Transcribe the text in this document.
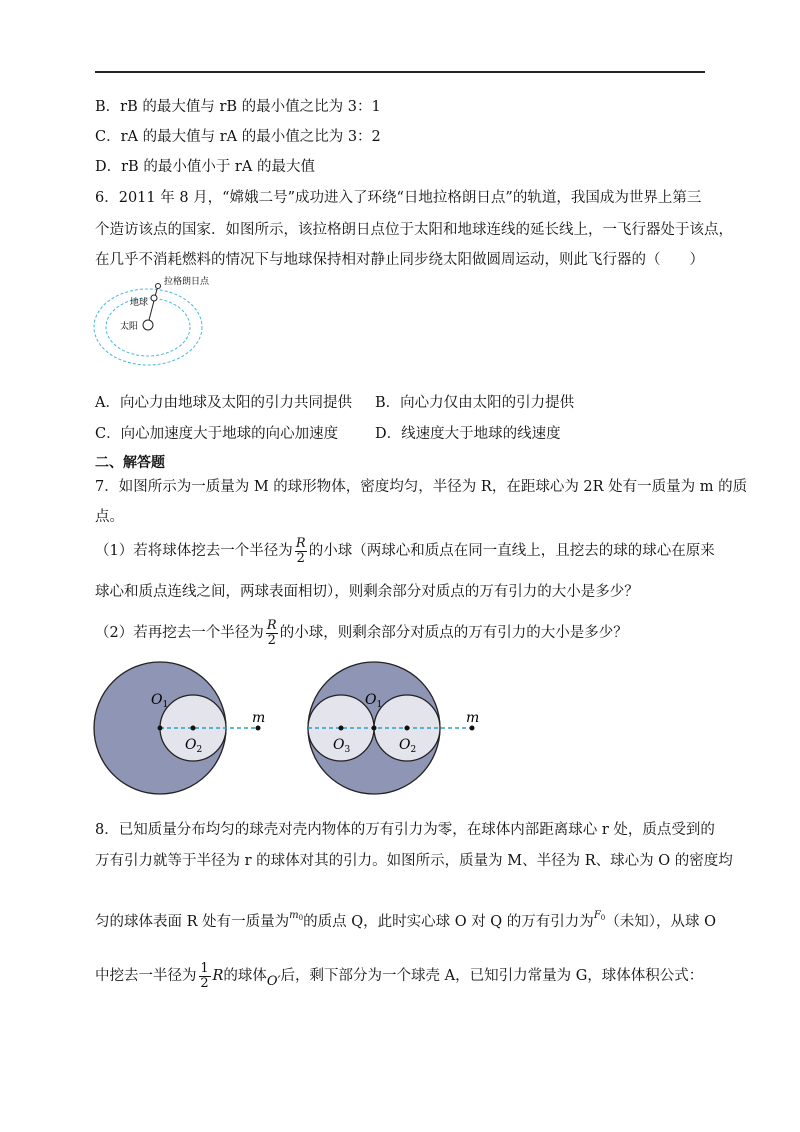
B．rB 的最大值与 rB 的最小值之比为 3：1
C．rA 的最大值与 rA 的最小值之比为 3：2
D．rB 的最小值小于 rA 的最大值
6．2011 年 8 月，“嫦娥二号”成功进入了环绕“日地拉格朗日点”的轨道，我国成为世界上第三
个造访该点的国家．如图所示，该拉格朗日点位于太阳和地球连线的延长线上，一飞行器处于该点，
在几乎不消耗燃料的情况下与地球保持相对静止同步绕太阳做圆周运动，则此飞行器的（　　）
拉格朗日点
地球
太阳
A．向心力由地球及太阳的引力共同提供 B．向心力仅由太阳的引力提供
C．向心加速度大于地球的向心加速度	D．线速度大于地球的线速度
二、解答题
7．如图所示为一质量为 M 的球形物体，密度均匀，半径为 R，在距球心为 2R 处有一质量为 m 的质
点。
（1）若将球体挖去一个半径为 $\frac{R}{2}$ 的小球（两球心和质点在同一直线上，且挖去的球的球心在原来
球心和质点连线之间，两球表面相切），则剩余部分对质点的万有引力的大小是多少？
（2）若再挖去一个半径为 $\frac{R}{2}$ 的小球，则剩余部分对质点的万有引力的大小是多少？
$O_1$
$O_2$
m
$O_1$
$O_3$	$O_2$
m
8．已知质量分布均匀的球壳对壳内物体的万有引力为零，在球体内部距离球心 r 处，质点受到的
万有引力就等于半径为 r 的球体对其的引力。如图所示，质量为 M、半径为 R、球心为 O 的密度均
匀的球体表面 R 处有一质量为$^{m_0}$的质点 Q，此时实心球 O 对 Q 的万有引力为$^{F_0}$（未知），从球 O
中挖去一半径为 $\frac{1}{2}$ R 的球体 O′ 后，剩下部分为一个球壳 A，已知引力常量为 G，球体体积公式：
